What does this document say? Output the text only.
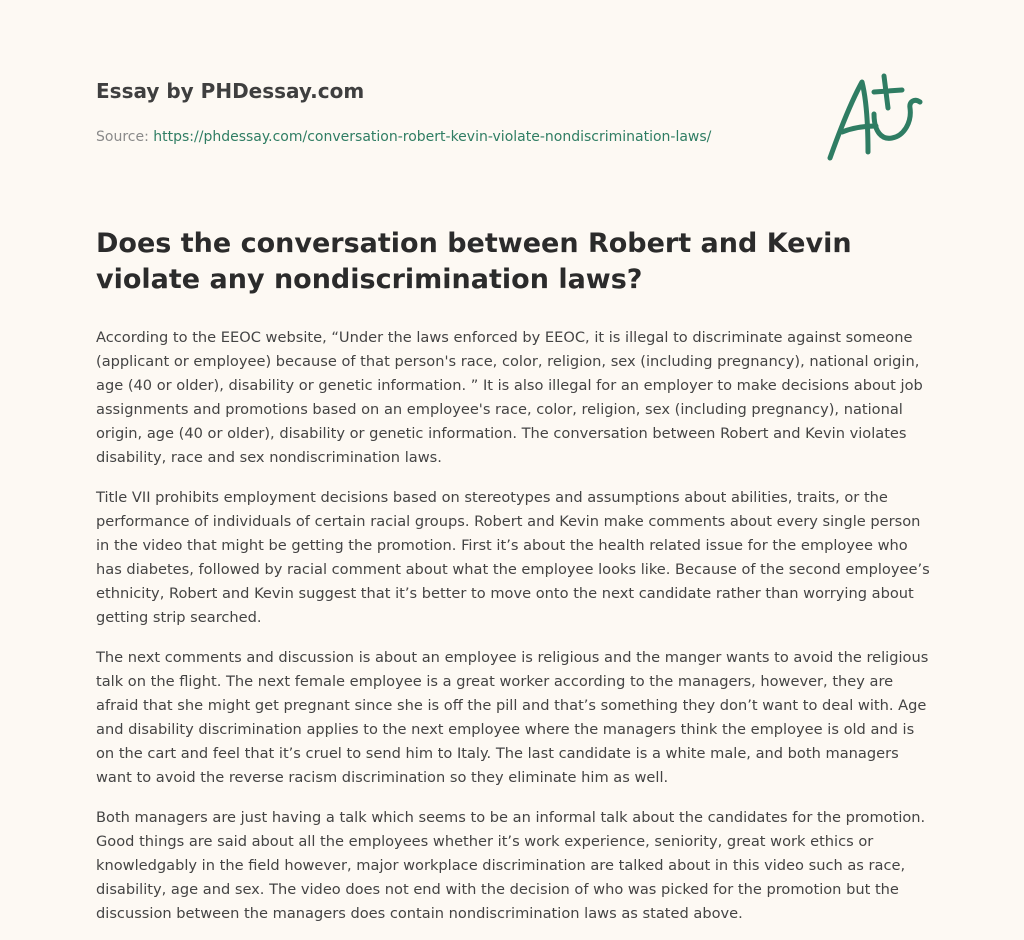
Essay by PHDessay.com
Source: https://phdessay.com/conversation-robert-kevin-violate-nondiscrimination-laws/
Does the conversation between Robert and Kevin violate any nondiscrimination laws?

According to the EEOC website, “Under the laws enforced by EEOC, it is illegal to discriminate against someone (applicant or employee) because of that person's race, color, religion, sex (including pregnancy), national origin, age (40 or older), disability or genetic information. ” It is also illegal for an employer to make decisions about job assignments and promotions based on an employee's race, color, religion, sex (including pregnancy), national origin, age (40 or older), disability or genetic information. The conversation between Robert and Kevin violates disability, race and sex nondiscrimination laws.

Title VII prohibits employment decisions based on stereotypes and assumptions about abilities, traits, or the performance of individuals of certain racial groups. Robert and Kevin make comments about every single person in the video that might be getting the promotion. First it’s about the health related issue for the employee who has diabetes, followed by racial comment about what the employee looks like. Because of the second employee’s ethnicity, Robert and Kevin suggest that it’s better to move onto the next candidate rather than worrying about getting strip searched.

The next comments and discussion is about an employee is religious and the manger wants to avoid the religious talk on the flight. The next female employee is a great worker according to the managers, however, they are afraid that she might get pregnant since she is off the pill and that’s something they don’t want to deal with. Age and disability discrimination applies to the next employee where the managers think the employee is old and is on the cart and feel that it’s cruel to send him to Italy. The last candidate is a white male, and both managers want to avoid the reverse racism discrimination so they eliminate him as well.

Both managers are just having a talk which seems to be an informal talk about the candidates for the promotion. Good things are said about all the employees whether it’s work experience, seniority, great work ethics or knowledgably in the field however, major workplace discrimination are talked about in this video such as race, disability, age and sex. The video does not end with the decision of who was picked for the promotion but the discussion between the managers does contain nondiscrimination laws as stated above.
